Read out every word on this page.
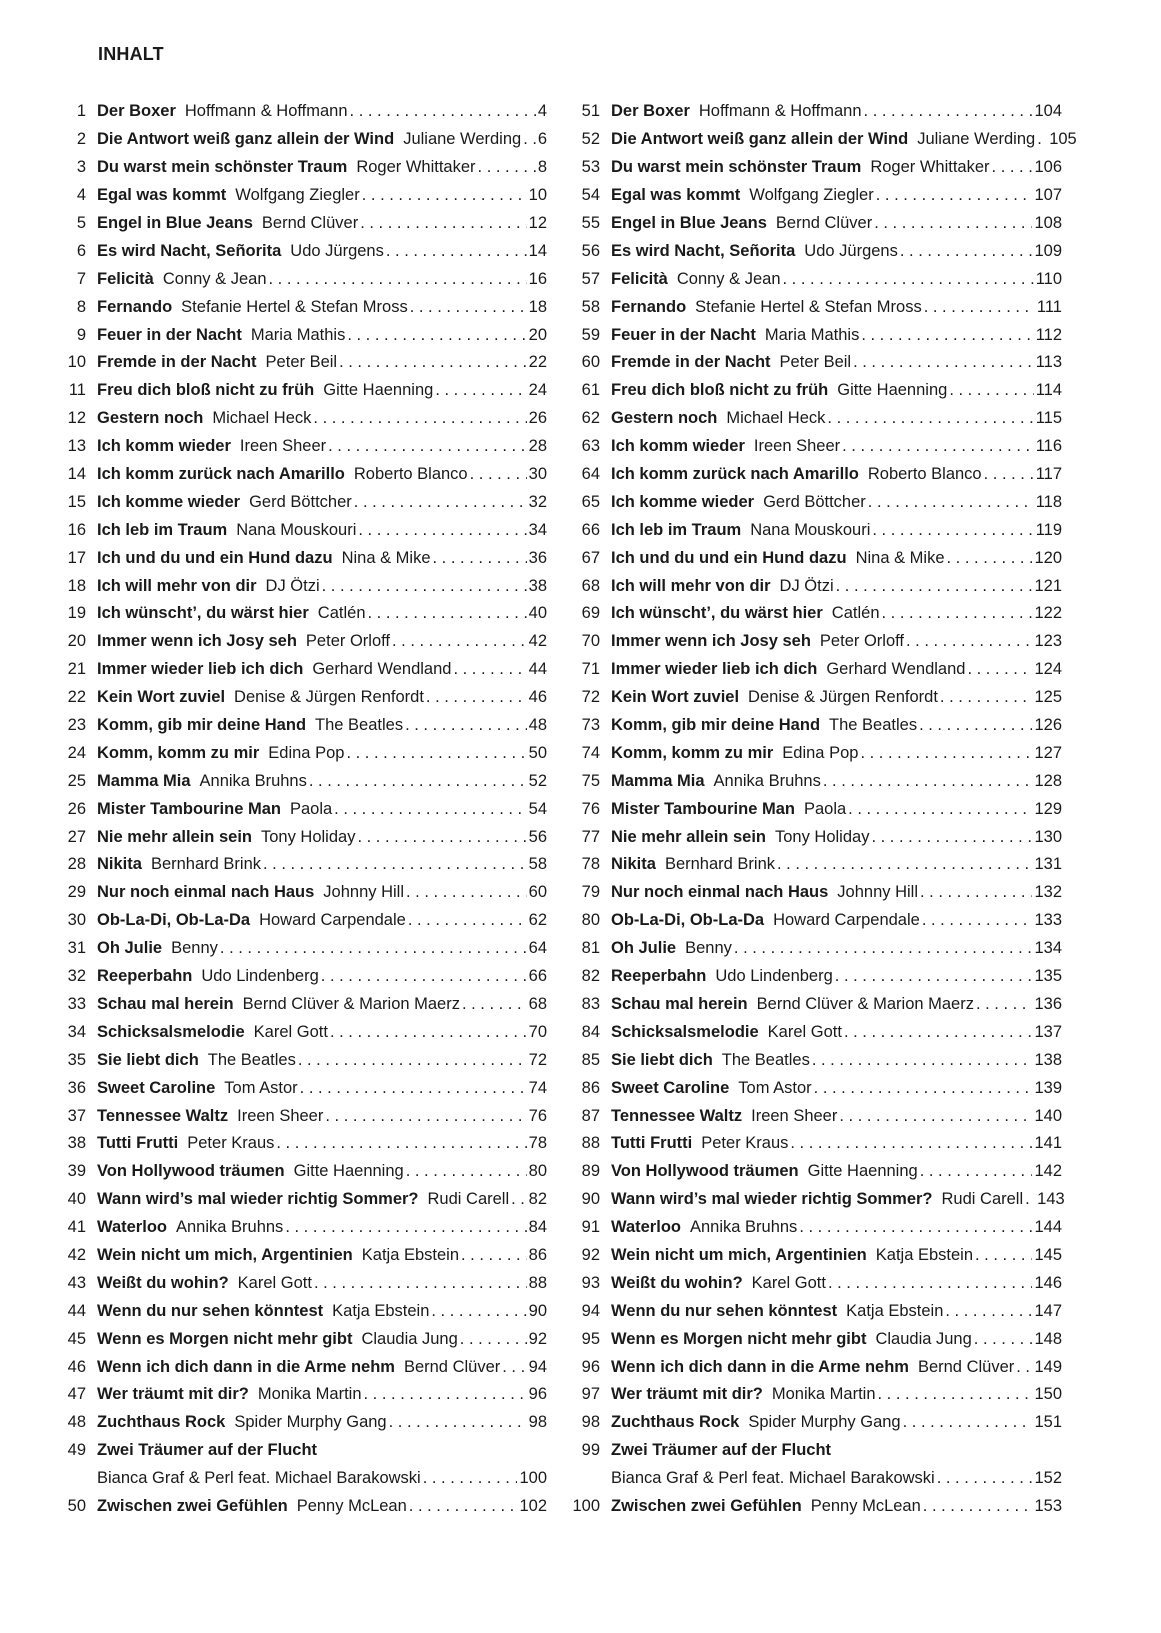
INHALT
1 Der Boxer Hoffmann & Hoffmann . . .	4
2 Die Antwort weiß ganz allein der Wind Juliane Werding . . . 6
3 Du warst mein schönster Traum Roger Whittaker . . .	8
4 Egal was kommt Wolfgang Ziegler . . .	10
5 Engel in Blue Jeans Bernd Clüver . . .	12
6 Es wird Nacht, Señorita Udo Jürgens . . .	14
7 Felicità Conny & Jean . . .	16
8 Fernando Stefanie Hertel & Stefan Mross . . .	18
9 Feuer in der Nacht Maria Mathis . . .	20
10 Fremde in der Nacht Peter Beil . . .	22
11 Freu dich bloß nicht zu früh Gitte Haenning . . .	24
12 Gestern noch Michael Heck . . .	26
13 Ich komm wieder Ireen Sheer . . .	28
14 Ich komm zurück nach Amarillo Roberto Blanco . . .	30
15 Ich komme wieder Gerd Böttcher . . .	32
16 Ich leb im Traum Nana Mouskouri . . .	34
17 Ich und du und ein Hund dazu Nina & Mike . . .	36
18 Ich will mehr von dir DJ Ötzi . . .	38
19 Ich wünscht’, du wärst hier Catlén . . .	40
20 Immer wenn ich Josy seh Peter Orloff . . .	42
21 Immer wieder lieb ich dich Gerhard Wendland . . .	44
22 Kein Wort zuviel Denise & Jürgen Renfordt . . .	46
23 Komm, gib mir deine Hand The Beatles . . .	48
24 Komm, komm zu mir Edina Pop . . .	50
25 Mamma Mia Annika Bruhns . . .	52
26 Mister Tambourine Man Paola . . .	54
27 Nie mehr allein sein Tony Holiday . . .	56
28 Nikita Bernhard Brink . . .	58
29 Nur noch einmal nach Haus Johnny Hill . . .	60
30 Ob-La-Di, Ob-La-Da Howard Carpendale . . .	62
31 Oh Julie Benny . . .	64
32 Reeperbahn Udo Lindenberg . . .	66
33 Schau mal herein Bernd Clüver & Marion Maerz . . .	68
34 Schicksalsmelodie Karel Gott . . .	70
35 Sie liebt dich The Beatles . . .	72
36 Sweet Caroline Tom Astor . . .	74
37 Tennessee Waltz Ireen Sheer . . .	76
38 Tutti Frutti Peter Kraus . . .	78
39 Von Hollywood träumen Gitte Haenning . . .	80
40 Wann wird’s mal wieder richtig Sommer? Rudi Carell . . . 82
41 Waterloo Annika Bruhns . . .	84
42 Wein nicht um mich, Argentinien Katja Ebstein . . .	86
43 Weißt du wohin? Karel Gott . . .	88
44 Wenn du nur sehen könntest Katja Ebstein . . .	90
45 Wenn es Morgen nicht mehr gibt Claudia Jung . . .	92
46 Wenn ich dich dann in die Arme nehm Bernd Clüver . . . 94
47 Wer träumt mit dir? Monika Martin . . .	96
48 Zuchthaus Rock Spider Murphy Gang . . .	98
49 Zwei Träumer auf der Flucht
Bianca Graf & Perl feat. Michael Barakowski . . .	100
50 Zwischen zwei Gefühlen Penny McLean . . .	102
51 Der Boxer Hoffmann & Hoffmann . . .	104
52 Die Antwort weiß ganz allein der Wind Juliane Werding . . . 105
53 Du warst mein schönster Traum Roger Whittaker . . .	106
54 Egal was kommt Wolfgang Ziegler . . .	107
55 Engel in Blue Jeans Bernd Clüver . . .	108
56 Es wird Nacht, Señorita Udo Jürgens . . .	109
57 Felicità Conny & Jean . . .	110
58 Fernando Stefanie Hertel & Stefan Mross . . .	111
59 Feuer in der Nacht Maria Mathis . . .	112
60 Fremde in der Nacht Peter Beil . . .	113
61 Freu dich bloß nicht zu früh Gitte Haenning . . .	114
62 Gestern noch Michael Heck . . .	115
63 Ich komm wieder Ireen Sheer . . .	116
64 Ich komm zurück nach Amarillo Roberto Blanco . . .	117
65 Ich komme wieder Gerd Böttcher . . .	118
66 Ich leb im Traum Nana Mouskouri . . .	119
67 Ich und du und ein Hund dazu Nina & Mike . . .	120
68 Ich will mehr von dir DJ Ötzi . . .	121
69 Ich wünscht’, du wärst hier Catlén . . .	122
70 Immer wenn ich Josy seh Peter Orloff . . .	123
71 Immer wieder lieb ich dich Gerhard Wendland . . .	124
72 Kein Wort zuviel Denise & Jürgen Renfordt . . .	125
73 Komm, gib mir deine Hand The Beatles . . .	126
74 Komm, komm zu mir Edina Pop . . .	127
75 Mamma Mia Annika Bruhns . . .	128
76 Mister Tambourine Man Paola . . .	129
77 Nie mehr allein sein Tony Holiday . . .	130
78 Nikita Bernhard Brink . . .	131
79 Nur noch einmal nach Haus Johnny Hill . . .	132
80 Ob-La-Di, Ob-La-Da Howard Carpendale . . .	133
81 Oh Julie Benny . . .	134
82 Reeperbahn Udo Lindenberg . . .	135
83 Schau mal herein Bernd Clüver & Marion Maerz . . .	136
84 Schicksalsmelodie Karel Gott . . .	137
85 Sie liebt dich The Beatles . . .	138
86 Sweet Caroline Tom Astor . . .	139
87 Tennessee Waltz Ireen Sheer . . .	140
88 Tutti Frutti Peter Kraus . . .	141
89 Von Hollywood träumen Gitte Haenning . . .	142
90 Wann wird’s mal wieder richtig Sommer? Rudi Carell . . . 143
91 Waterloo Annika Bruhns . . .	144
92 Wein nicht um mich, Argentinien Katja Ebstein . . .	145
93 Weißt du wohin? Karel Gott . . .	146
94 Wenn du nur sehen könntest Katja Ebstein . . .	147
95 Wenn es Morgen nicht mehr gibt Claudia Jung . . .	148
96 Wenn ich dich dann in die Arme nehm Bernd Clüver . . . 149
97 Wer träumt mit dir? Monika Martin . . .	150
98 Zuchthaus Rock Spider Murphy Gang . . .	151
99 Zwei Träumer auf der Flucht
Bianca Graf & Perl feat. Michael Barakowski . . .	152
100 Zwischen zwei Gefühlen Penny McLean . . .	153
